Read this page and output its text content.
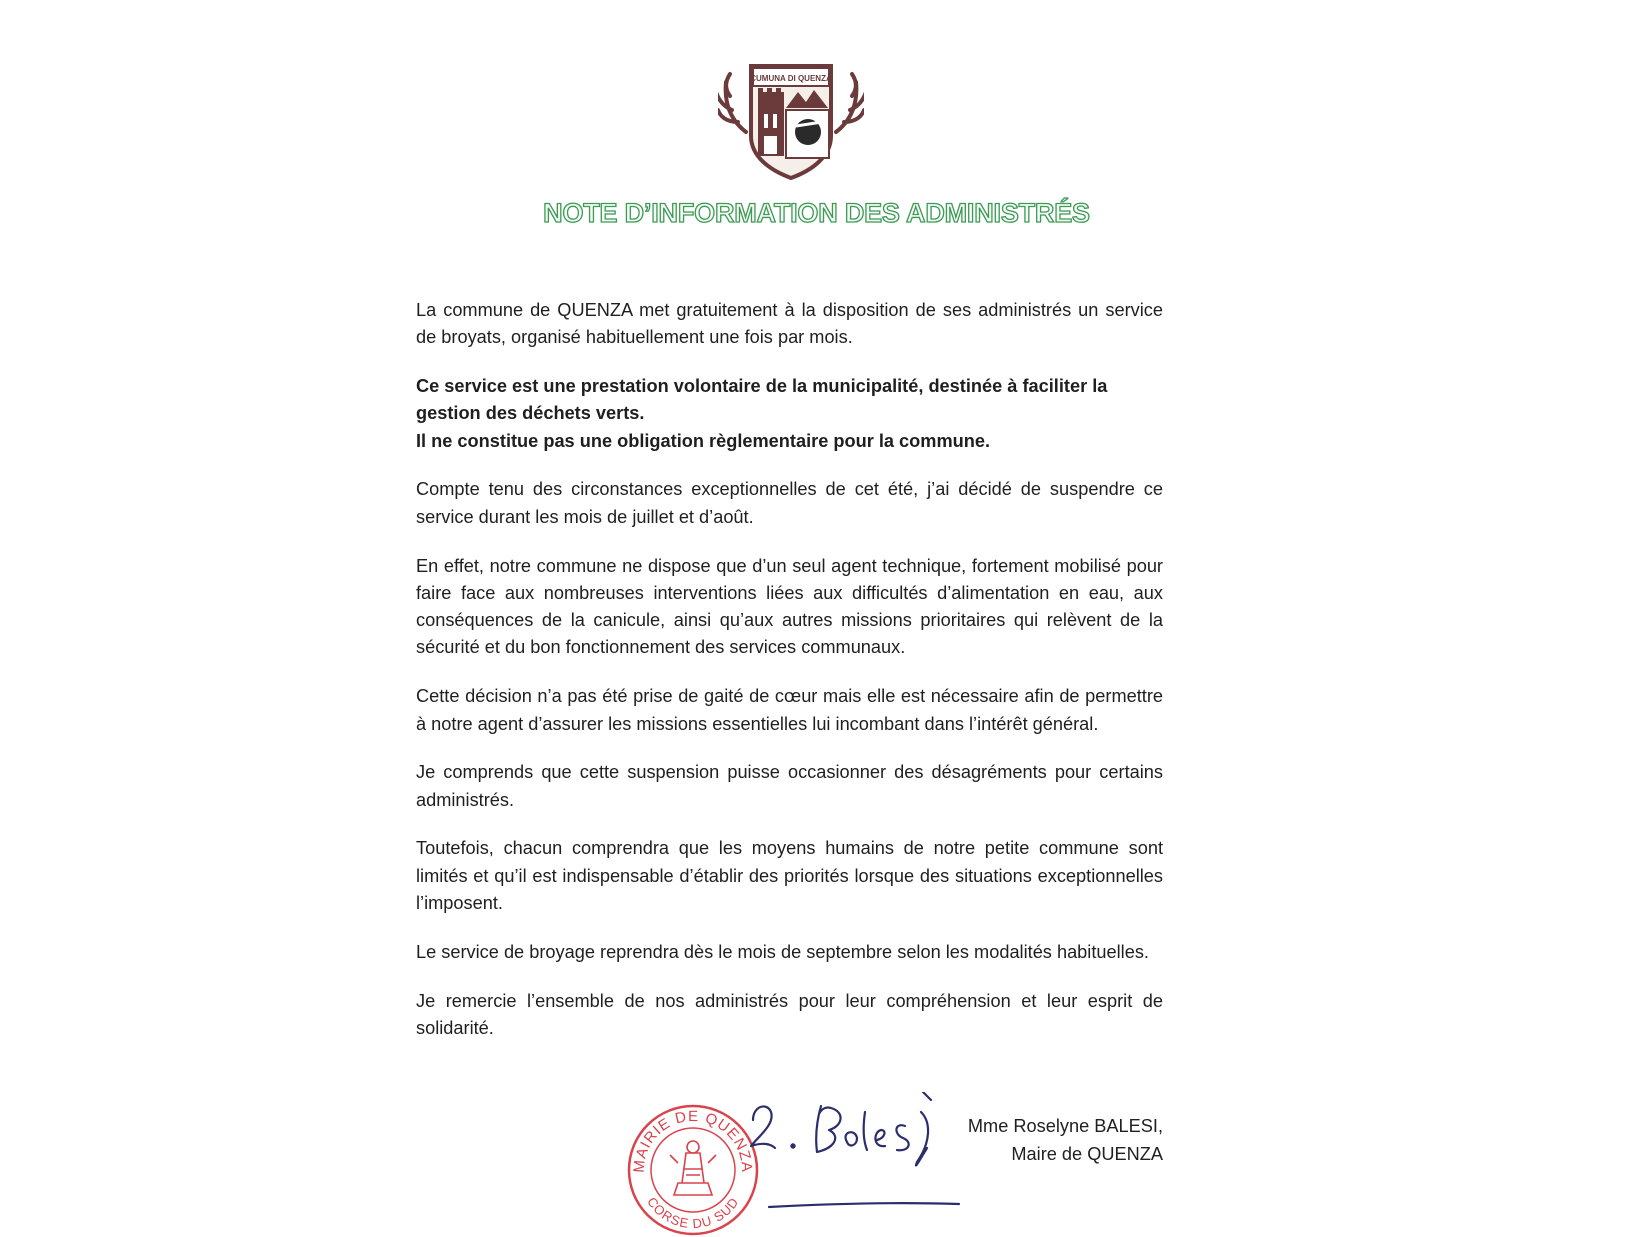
CUMUNA DI QUENZA
NOTE D’INFORMATION DES ADMINISTRÉS

La commune de QUENZA met gratuitement à la disposition de ses administrés un service de broyats, organisé habituellement une fois par mois.

Ce service est une prestation volontaire de la municipalité, destinée à faciliter la gestion des déchets verts.

Il ne constitue pas une obligation règlementaire pour la commune.

Compte tenu des circonstances exceptionnelles de cet été, j’ai décidé de suspendre ce service durant les mois de juillet et d’août.

En effet, notre commune ne dispose que d’un seul agent technique, fortement mobilisé pour faire face aux nombreuses interventions liées aux difficultés d’alimentation en eau, aux conséquences de la canicule, ainsi qu’aux autres missions prioritaires qui relèvent de la sécurité et du bon fonctionnement des services communaux.

Cette décision n’a pas été prise de gaité de cœur mais elle est nécessaire afin de permettre à notre agent d’assurer les missions essentielles lui incombant dans l’intérêt général.

Je comprends que cette suspension puisse occasionner des désagréments pour certains administrés.

Toutefois, chacun comprendra que les moyens humains de notre petite commune sont limités et qu’il est indispensable d’établir des priorités lorsque des situations exceptionnelles l’imposent.

Le service de broyage reprendra dès le mois de septembre selon les modalités habituelles.

Je remercie l’ensemble de nos administrés pour leur compréhension et leur esprit de solidarité.

MAIRIE DE QUENZA
CORSE DU SUD
Mme Roselyne BALESI,
Maire de QUENZA
